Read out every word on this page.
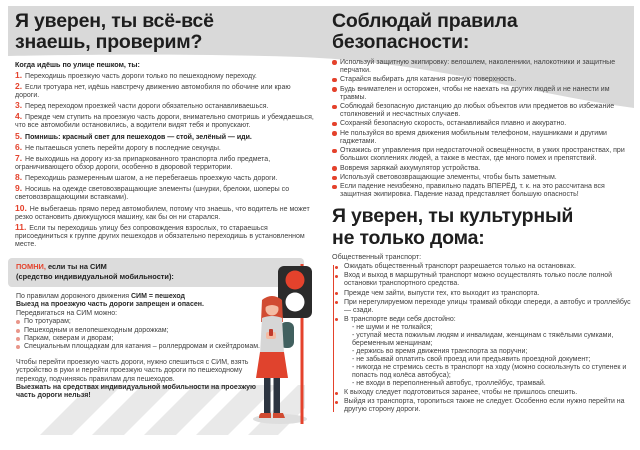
Я уверен, ты всё-всё
знаешь, проверим?
Когда идёшь по улице пешком, ты:
1. Переходишь проезжую часть дороги только по пешеходному переходу.
2. Если тротуара нет, идёшь навстречу движению автомобиля по обочине или краю дороги.
3. Перед переходом проезжей части дороги обязательно останавливаешься.
4. Прежде чем ступить на проезжую часть дороги, внимательно смотришь и убеждаешься, что все автомобили остановились, а водители видят тебя и пропускают.
5. Помнишь: красный свет для пешеходов — стой, зелёный — иди.
6. Не пытаешься успеть перейти дорогу в последние секунды.
7. Не выходишь на дорогу из-за припаркованного транспорта либо предмета, ограничивающего обзор дороги, особенно в дворовой территории.
8. Переходишь размеренным шагом, а не перебегаешь проезжую часть дороги.
9. Носишь на одежде световозвращающие элементы (шнурки, брелоки, шоперы со световозвращающими вставками).
10. Не выбегаешь прямо перед автомобилем, потому что знаешь, что водитель не может резко остановить движущуюся машину, как бы он ни старался.
11. Если ты переходишь улицу без сопровождения взрослых, то стараешься присоединиться к группе других пешеходов и обязательно переходишь в установленном месте.
ПОМНИ, если ты на СИМ
(средство индивидуальной мобильности):
По правилам дорожного движения СИМ = пешеход
Выезд на проезжую часть дороги запрещен и опасен.
Передвигаться на СИМ можно:
По тротуарам;
Пешеходным и велопешеходным дорожкам;
Паркам, скверам и дворам;
Специальным площадкам для катания – роллердромам и скейтдромам.
Чтобы перейти проезжую часть дороги, нужно спешиться с СИМ, взять устройство в руки и перейти проезжую часть дороги по пешеходному переходу, подчиняясь правилам для пешеходов.
Выезжать на средствах индивидуальной мобильности на проезжую часть дороги нельзя!
Соблюдай правила
безопасности:
Используй защитную экипировку: велошлем, наколенники, налокотники и защитные перчатки.
Старайся выбирать для катания ровную поверхность.
Будь внимателен и осторожен, чтобы не наехать на других людей и не нанести им травмы.
Соблюдай безопасную дистанцию до любых объектов или предметов во избежание столкновений и несчастных случаев.
Сохраняй безопасную скорость, останавливайся плавно и аккуратно.
Не пользуйся во время движения мобильным телефоном, наушниками и другими гаджетами.
Откажись от управления при недостаточной освещённости, в узких пространствах, при больших скоплениях людей, а также в местах, где много помех и препятствий.
Вовремя заряжай аккумулятор устройства.
Используй световозвращающие элементы, чтобы быть заметным.
Если падение неизбежно, правильно падать ВПЕРЁД, т. к. на это рассчитана вся защитная экипировка. Падение назад представляет большую опасность!
Я уверен, ты культурный
не только дома:
Общественный транспорт:
Ожидать общественный транспорт разрешается только на остановках.
Вход и выход в маршрутный транспорт можно осуществлять только после полной остановки транспортного средства.
Прежде чем зайти, выпусти тех, кто выходит из транспорта.
При нерегулируемом переходе улицы трамвай обходи спереди, а автобус и троллейбус — сзади.
В транспорте веди себя достойно:
- не шуми и не толкайся;
- уступай места пожилым людям и инвалидам, женщинам с тяжёлыми сумками, беременным женщинам;
- держись во время движения транспорта за поручни;
- не забывай оплатить свой проезд или предъявить проездной документ;
- никогда не стремись сесть в транспорт на ходу (можно соскользнуть со ступенек и попасть под колёса автобуса);
- не входи в переполненный автобус, троллейбус, трамвай.
К выходу следует подготовиться заранее, чтобы не пришлось спешить.
Выйдя из транспорта, торопиться также не следует. Особенно если нужно перейти на другую сторону дороги.
